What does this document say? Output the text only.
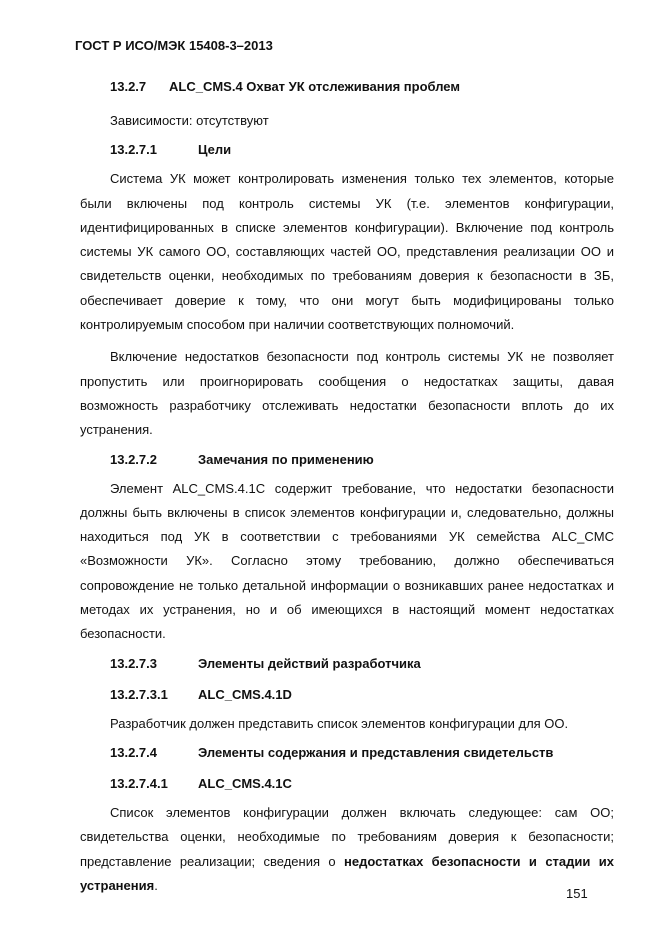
ГОСТ Р ИСО/МЭК 15408-3–2013
13.2.7 ALC_CMS.4 Охват УК отслеживания проблем

Зависимости: отсутствуют

13.2.7.1	Цели

Система УК может контролировать изменения только тех элементов, которые были включены под контроль системы УК (т.е. элементов конфигурации, идентифицированных в списке элементов конфигурации). Включение под контроль системы УК самого ОО, составляющих частей ОО, представления реализации ОО и свидетельств оценки, необходимых по требованиям доверия к безопасности в ЗБ, обеспечивает доверие к тому, что они могут быть модифицированы только контролируемым способом при наличии соответствующих полномочий.

Включение недостатков безопасности под контроль системы УК не позволяет пропустить или проигнорировать сообщения о недостатках защиты, давая возможность разработчику отслеживать недостатки безопасности вплоть до их устранения.

13.2.7.2	Замечания по применению

Элемент ALC_CMS.4.1C содержит требование, что недостатки безопасности должны быть включены в список элементов конфигурации и, следовательно, должны находиться под УК в соответствии с требованиями УК семейства ALC_CMC «Возможности УК». Согласно этому требованию, должно обеспечиваться сопровождение не только детальной информации о возникавших ранее недостатках и методах их устранения, но и об имеющихся в настоящий момент недостатках безопасности.

13.2.7.3	Элементы действий разработчика
13.2.7.3.1 ALC_CMS.4.1D

Разработчик должен представить список элементов конфигурации для ОО.

13.2.7.4	Элементы содержания и представления свидетельств
13.2.7.4.1 ALC_CMS.4.1C

Список элементов конфигурации должен включать следующее: сам ОО; свидетельства оценки, необходимые по требованиям доверия к безопасности; представление реализации; сведения о недостатках безопасности и стадии их устранения.

151
